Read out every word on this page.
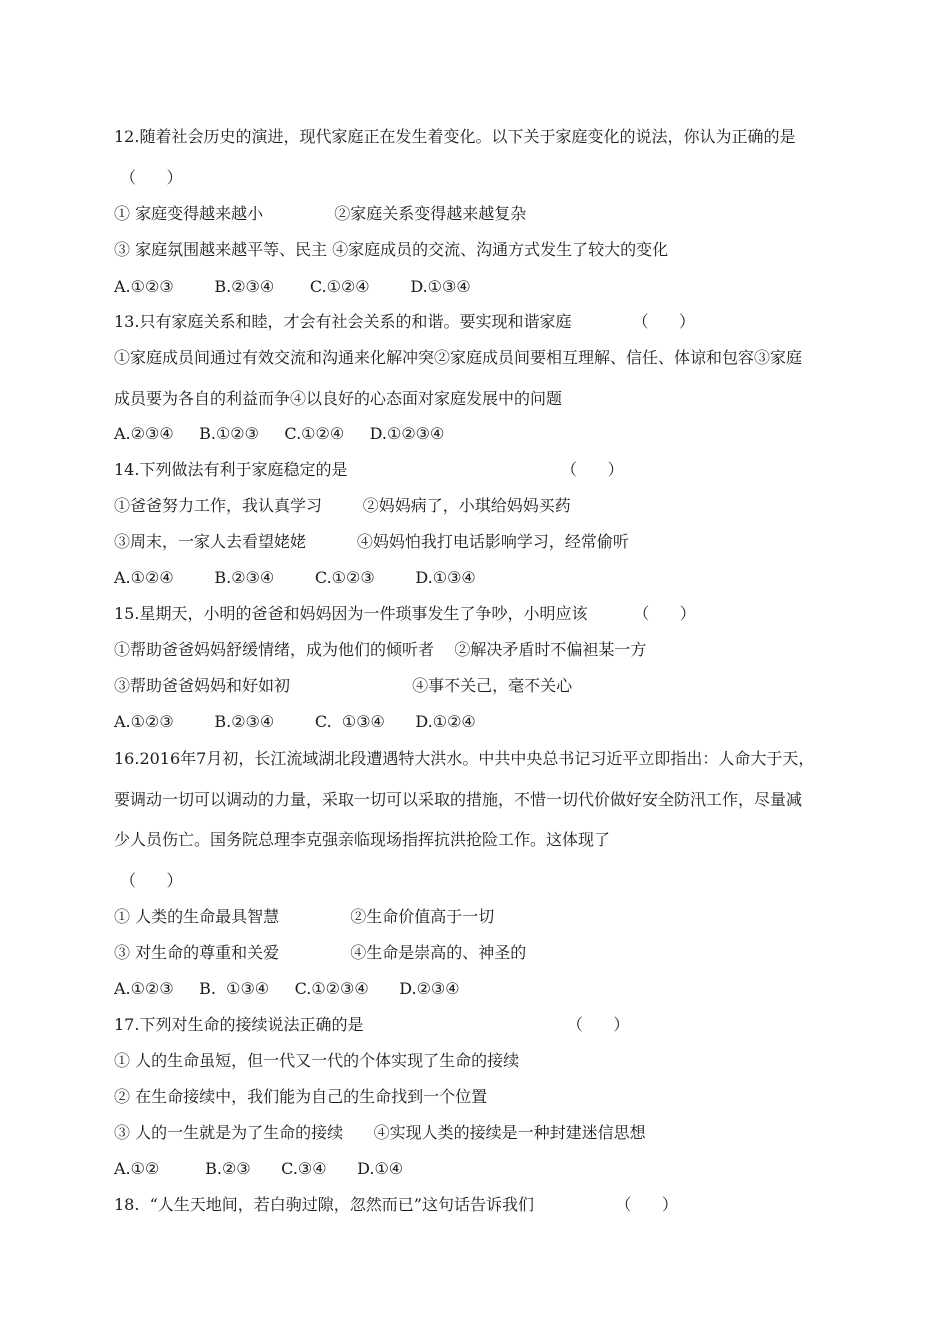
12.随着社会历史的演进，现代家庭正在发生着变化。以下关于家庭变化的说法，你认为正确的是

（      ）

① 家庭变得越来越小              ②家庭关系变得越来越复杂

③ 家庭氛围越来越平等、民主 ④家庭成员的交流、沟通方式发生了较大的变化

A.①②③        B.②③④       C.①②④        D.①③④

13.只有家庭关系和睦，才会有社会关系的和谐。要实现和谐家庭            （      ）

①家庭成员间通过有效交流和沟通来化解冲突②家庭成员间要相互理解、信任、体谅和包容③家庭

成员要为各自的利益而争④以良好的心态面对家庭发展中的问题

A.②③④     B.①②③     C.①②④     D.①②③④

14.下列做法有利于家庭稳定的是                                          （      ）

①爸爸努力工作，我认真学习        ②妈妈病了，小琪给妈妈买药

③周末，一家人去看望姥姥          ④妈妈怕我打电话影响学习，经常偷听

A.①②④        B.②③④        C.①②③        D.①③④

15.星期天，小明的爸爸和妈妈因为一件琐事发生了争吵，小明应该         （      ）

①帮助爸爸妈妈舒缓情绪，成为他们的倾听者    ②解决矛盾时不偏袒某一方

③帮助爸爸妈妈和好如初                        ④事不关己，毫不关心

A.①②③        B.②③④        C.  ①③④      D.①②④

16.2016年7月初，长江流域湖北段遭遇特大洪水。中共中央总书记习近平立即指出：人命大于天，

要调动一切可以调动的力量，采取一切可以采取的措施，不惜一切代价做好安全防汛工作，尽量减

少人员伤亡。国务院总理李克强亲临现场指挥抗洪抢险工作。这体现了

（      ）

① 人类的生命最具智慧              ②生命价值高于一切

③ 对生命的尊重和关爱              ④生命是崇高的、神圣的

A.①②③     B.  ①③④     C.①②③④      D.②③④

17.下列对生命的接续说法正确的是                                        （      ）

① 人的生命虽短，但一代又一代的个体实现了生命的接续

② 在生命接续中，我们能为自己的生命找到一个位置

③ 人的一生就是为了生命的接续      ④实现人类的接续是一种封建迷信思想

A.①②         B.②③      C.③④      D.①④

18.  “人生天地间，若白驹过隙，忽然而已”这句话告诉我们                （      ）
